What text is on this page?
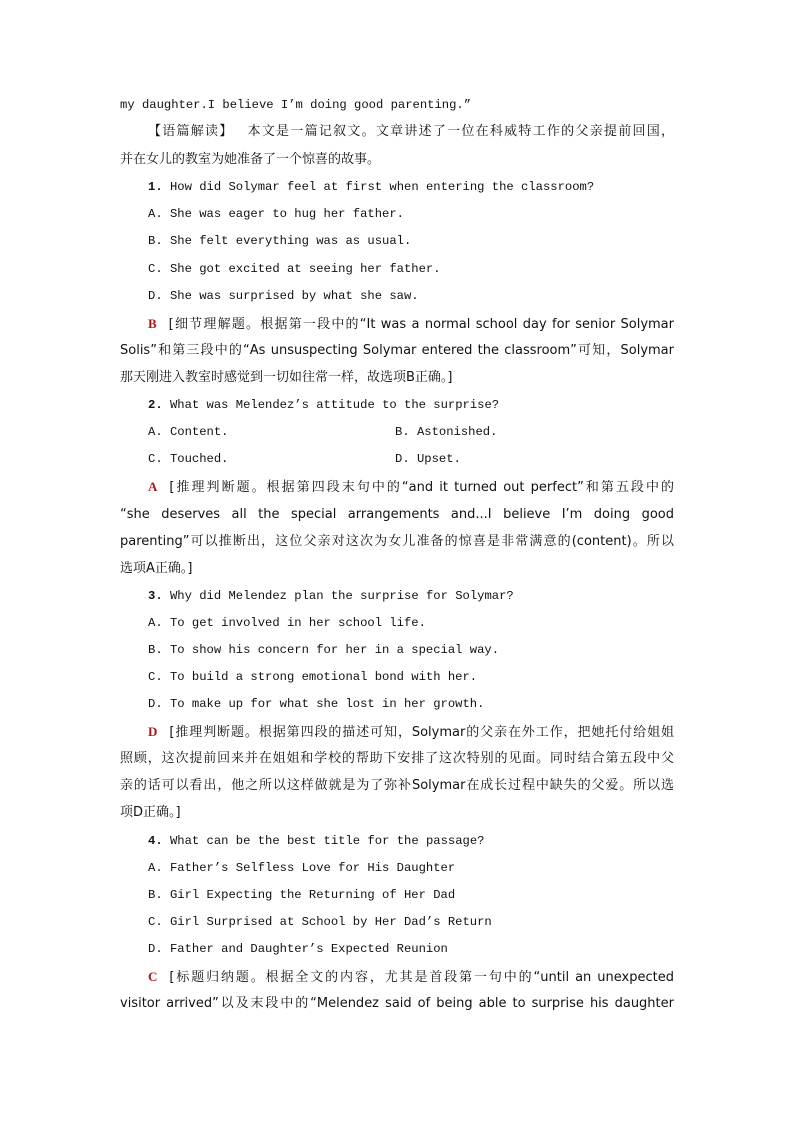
my daughter.I believe I’m doing good parenting.”
【语篇解读】 本文是一篇记叙文。文章讲述了一位在科威特工作的父亲提前回国，
并在女儿的教室为她准备了一个惊喜的故事。
1. How did Solymar feel at first when entering the classroom?
A. She was eager to hug her father.
B. She felt everything was as usual.
C. She got excited at seeing her father.
D. She was surprised by what she saw.
B [细节理解题。根据第一段中的“It was a normal school day for senior Solymar
Solis”和第三段中的“As unsuspecting Solymar entered the classroom”可知，Solymar
那天刚进入教室时感觉到一切如往常一样，故选项B正确。]
2. What was Melendez’s attitude to the surprise?
A. Content.	B. Astonished.
C. Touched.	D. Upset.
A [推理判断题。根据第四段末句中的“and it turned out perfect”和第五段中的
“she deserves all the special arrangements and...I believe I’m doing good
parenting”可以推断出，这位父亲对这次为女儿准备的惊喜是非常满意的(content)。所以
选项A正确。]
3. Why did Melendez plan the surprise for Solymar?
A. To get involved in her school life.
B. To show his concern for her in a special way.
C. To build a strong emotional bond with her.
D. To make up for what she lost in her growth.
D [推理判断题。根据第四段的描述可知，Solymar的父亲在外工作，把她托付给姐姐
照顾，这次提前回来并在姐姐和学校的帮助下安排了这次特别的见面。同时结合第五段中父
亲的话可以看出，他之所以这样做就是为了弥补Solymar在成长过程中缺失的父爱。所以选
项D正确。]
4. What can be the best title for the passage?
A. Father’s Selfless Love for His Daughter
B. Girl Expecting the Returning of Her Dad
C. Girl Surprised at School by Her Dad’s Return
D. Father and Daughter’s Expected Reunion
C [标题归纳题。根据全文的内容，尤其是首段第一句中的“until an unexpected
visitor arrived”以及末段中的“Melendez said of being able to surprise his daughter
